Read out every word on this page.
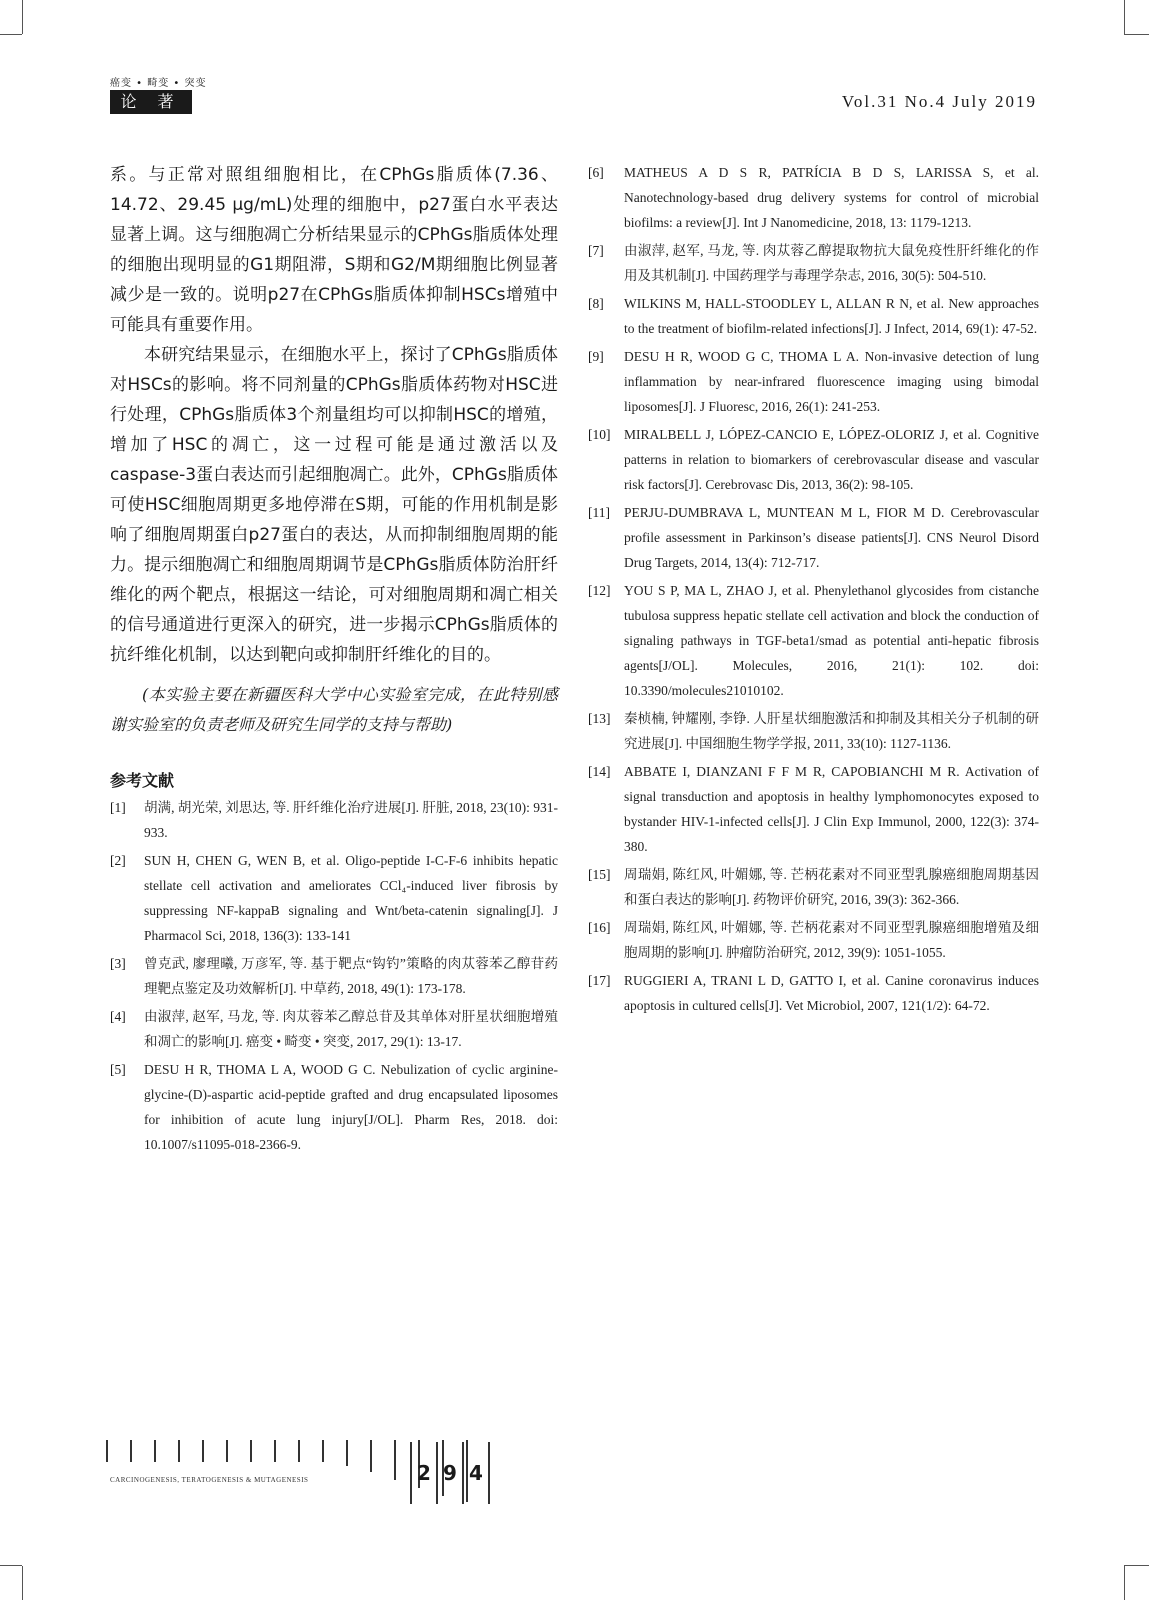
癌变 • 畸变 • 突变
论 著	Vol.31 No.4 July 2019

系。与正常对照组细胞相比，在CPhGs脂质体(7.36、14.72、29.45 μg/mL)处理的细胞中，p27蛋白水平表达显著上调。这与细胞凋亡分析结果显示的CPhGs脂质体处理的细胞出现明显的G1期阻滞，S期和G2/M期细胞比例显著减少是一致的。说明p27在CPhGs脂质体抑制HSCs增殖中可能具有重要作用。

本研究结果显示，在细胞水平上，探讨了CPhGs脂质体对HSCs的影响。将不同剂量的CPhGs脂质体药物对HSC进行处理，CPhGs脂质体3个剂量组均可以抑制HSC的增殖，增加了HSC的凋亡，这一过程可能是通过激活以及caspase-3蛋白表达而引起细胞凋亡。此外，CPhGs脂质体可使HSC细胞周期更多地停滞在S期，可能的作用机制是影响了细胞周期蛋白p27蛋白的表达，从而抑制细胞周期的能力。提示细胞凋亡和细胞周期调节是CPhGs脂质体防治肝纤维化的两个靶点，根据这一结论，可对细胞周期和凋亡相关的信号通道进行更深入的研究，进一步揭示CPhGs脂质体的抗纤维化机制，以达到靶向或抑制肝纤维化的目的。

(本实验主要在新疆医科大学中心实验室完成，在此特别感谢实验室的负责老师及研究生同学的支持与帮助)

参考文献
[1]	胡满, 胡光荣, 刘思达, 等. 肝纤维化治疗进展[J]. 肝脏, 2018, 23(10): 931-933.
[2]	SUN H, CHEN G, WEN B, et al. Oligo-peptide I-C-F-6 inhibits hepatic stellate cell activation and ameliorates CCl₄-induced liver fibrosis by suppressing NF-kappaB signaling and Wnt/beta-catenin signaling[J]. J Pharmacol Sci, 2018, 136(3): 133-141
[3]	曾克武, 廖理曦, 万彦军, 等. 基于靶点“钩钓”策略的肉苁蓉苯乙醇苷药理靶点鉴定及功效解析[J]. 中草药, 2018, 49(1): 173-178.
[4]	由淑萍, 赵军, 马龙, 等. 肉苁蓉苯乙醇总苷及其单体对肝星状细胞增殖和凋亡的影响[J]. 癌变 • 畸变 • 突变, 2017, 29(1): 13-17.
[5]	DESU H R, THOMA L A, WOOD G C. Nebulization of cyclic arginine-glycine-(D)-aspartic acid-peptide grafted and drug encapsulated liposomes for inhibition of acute lung injury[J/OL]. Pharm Res, 2018. doi: 10.1007/s11095-018-2366-9.
[6]	MATHEUS A D S R, PATRÍCIA B D S, LARISSA S, et al. Nanotechnology-based drug delivery systems for control of microbial biofilms: a review[J]. Int J Nanomedicine, 2018, 13: 1179-1213.
[7]	由淑萍, 赵军, 马龙, 等. 肉苁蓉乙醇提取物抗大鼠免疫性肝纤维化的作用及其机制[J]. 中国药理学与毒理学杂志, 2016, 30(5): 504-510.
[8]	WILKINS M, HALL-STOODLEY L, ALLAN R N, et al. New approaches to the treatment of biofilm-related infections[J]. J Infect, 2014, 69(1): 47-52.
[9]	DESU H R, WOOD G C, THOMA L A. Non-invasive detection of lung inflammation by near-infrared fluorescence imaging using bimodal liposomes[J]. J Fluoresc, 2016, 26(1): 241-253.
[10]	MIRALBELL J, LÓPEZ-CANCIO E, LÓPEZ-OLORIZ J, et al. Cognitive patterns in relation to biomarkers of cerebrovascular disease and vascular risk factors[J]. Cerebrovasc Dis, 2013, 36(2): 98-105.
[11]	PERJU-DUMBRAVA L, MUNTEAN M L, FIOR M D. Cerebrovascular profile assessment in Parkinson’s disease patients[J]. CNS Neurol Disord Drug Targets, 2014, 13(4): 712-717.
[12]	YOU S P, MA L, ZHAO J, et al. Phenylethanol glycosides from cistanche tubulosa suppress hepatic stellate cell activation and block the conduction of signaling pathways in TGF-beta1/smad as potential anti-hepatic fibrosis agents[J/OL]. Molecules, 2016, 21(1): 102. doi: 10.3390/molecules21010102.
[13]	秦桢楠, 钟耀刚, 李铮. 人肝星状细胞激活和抑制及其相关分子机制的研究进展[J]. 中国细胞生物学学报, 2011, 33(10): 1127-1136.
[14]	ABBATE I, DIANZANI F F M R, CAPOBIANCHI M R. Activation of signal transduction and apoptosis in healthy lymphomonocytes exposed to bystander HIV-1-infected cells[J]. J Clin Exp Immunol, 2000, 122(3): 374-380.
[15]	周瑞娟, 陈红风, 叶媚娜, 等. 芒柄花素对不同亚型乳腺癌细胞周期基因和蛋白表达的影响[J]. 药物评价研究, 2016, 39(3): 362-366.
[16]	周瑞娟, 陈红风, 叶媚娜, 等. 芒柄花素对不同亚型乳腺癌细胞增殖及细胞周期的影响[J]. 肿瘤防治研究, 2012, 39(9): 1051-1055.
[17]	RUGGIERI A, TRANI L D, GATTO I, et al. Canine coronavirus induces apoptosis in cultured cells[J]. Vet Microbiol, 2007, 121(1/2): 64-72.
CARCINOGENESIS, TERATOGENESIS & MUTAGENESIS	2 9 4
